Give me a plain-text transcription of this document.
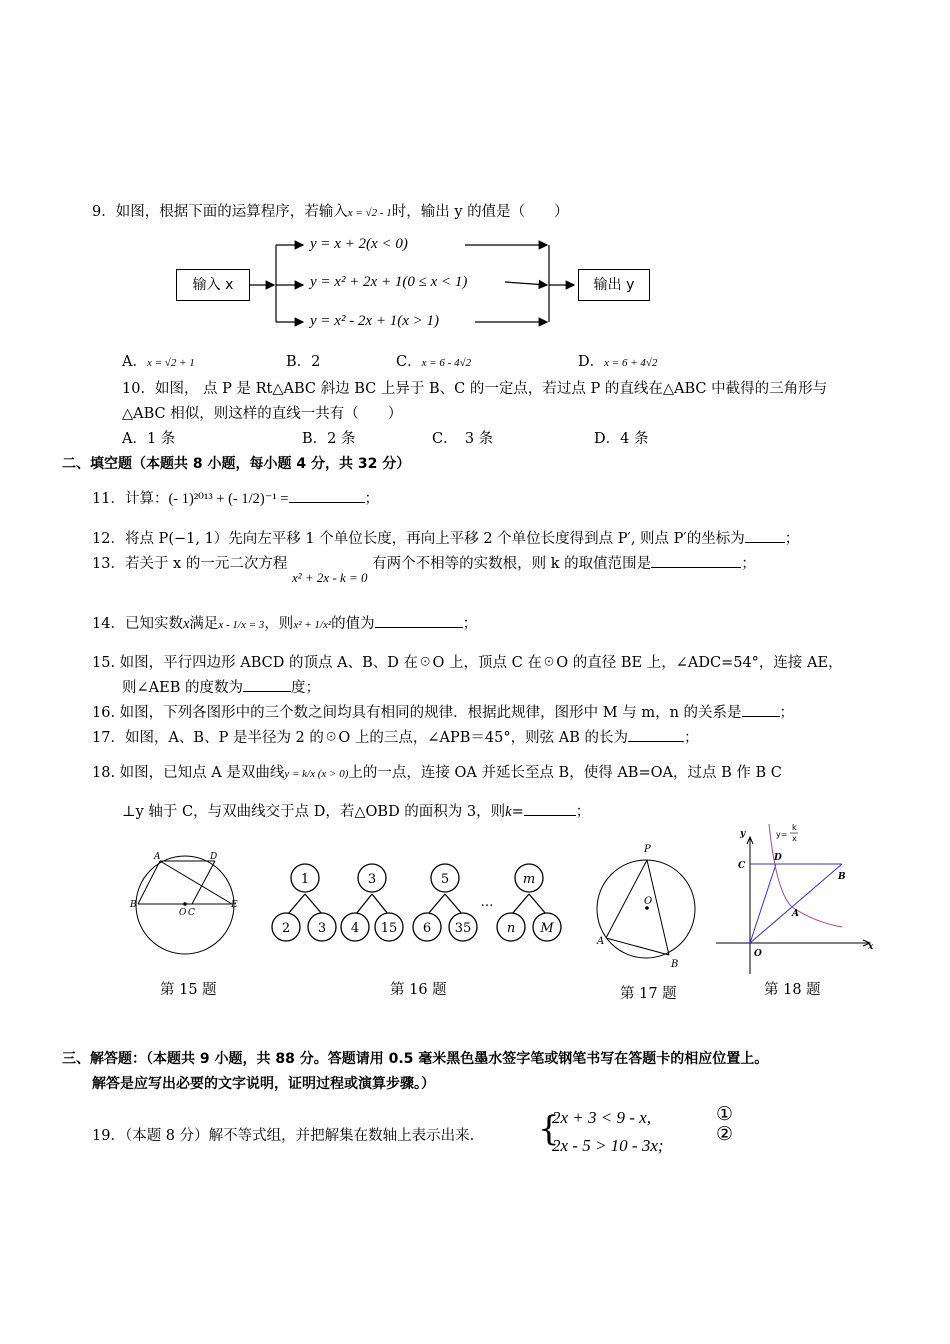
9．如图，根据下面的运算程序，若输入x = √2 - 1时，输出 y 的值是（　　）
输入 x	输出 y
y = x + 2(x < 0)
y = x² + 2x + 1(0 ≤ x < 1)
y = x² - 2x + 1(x > 1)
A．x = √2 + 1	B．2	C．x = 6 - 4√2	D．x = 6 + 4√2
10．如图， 点 P 是 Rt△ABC 斜边 BC 上异于 B、C 的一定点，若过点 P 的直线在△ABC 中截得的三角形与
△ABC 相似，则这样的直线一共有（　　）
A．1 条	B．2 条	C．　3 条	D．4 条
二、填空题（本题共 8 小题，每小题 4 分，共 32 分）
11．计算：(- 1)²⁰¹³ + (- 1/2)⁻¹ =	；
12．将点 P(−1, 1）先向左平移 1 个单位长度，再向上平移 2 个单位长度得到点 P′, 则点 P′的坐标为	；
13．若关于 x 的一元二次方程 x² + 2x - k = 0 有两个不相等的实数根，则 k 的取值范围是	；
14．已知实数x满足x - 1/x = 3，则x² + 1/x²的值为	；
15. 如图，平行四边形 ABCD 的顶点 A、B、D 在☉O 上，顶点 C 在☉O 的直径 BE 上，∠ADC=54°，连接 AE，
则∠AEB 的度数为	度；
16. 如图，下列各图形中的三个数之间均具有相同的规律．根据此规律，图形中 M 与 m，n 的关系是	；
17．如图，A、B、P 是半径为 2 的☉O 上的三点，∠APB＝45°，则弦 AB 的长为	；
18. 如图，已知点 A 是双曲线y = k/x (x > 0)上的一点，连接 OA 并延长至点 B，使得 AB=OA，过点 B 作 B C
⊥y 轴于 C，与双曲线交于点 D，若△OBD 的面积为 3，则k=	；
A	D
B
O C
E
1
2 3
3
4 15
5
6 35
m
n M
…
P
O
A
B
y
x
O
C
D
A
B
y=
k
x
第 15 题	第 16 题	第 17 题	第 18 题
三、解答题：（本题共 9 小题，共 88 分。答题请用 0.5 毫米黑色墨水签字笔或钢笔书写在答题卡的相应位置上。
解答是应写出必要的文字说明，证明过程或演算步骤。）
19．（本题 8 分）解不等式组，并把解集在数轴上表示出来. {
2x + 3 < 9 - x,
2x - 5 > 10 - 3x;
①
②
